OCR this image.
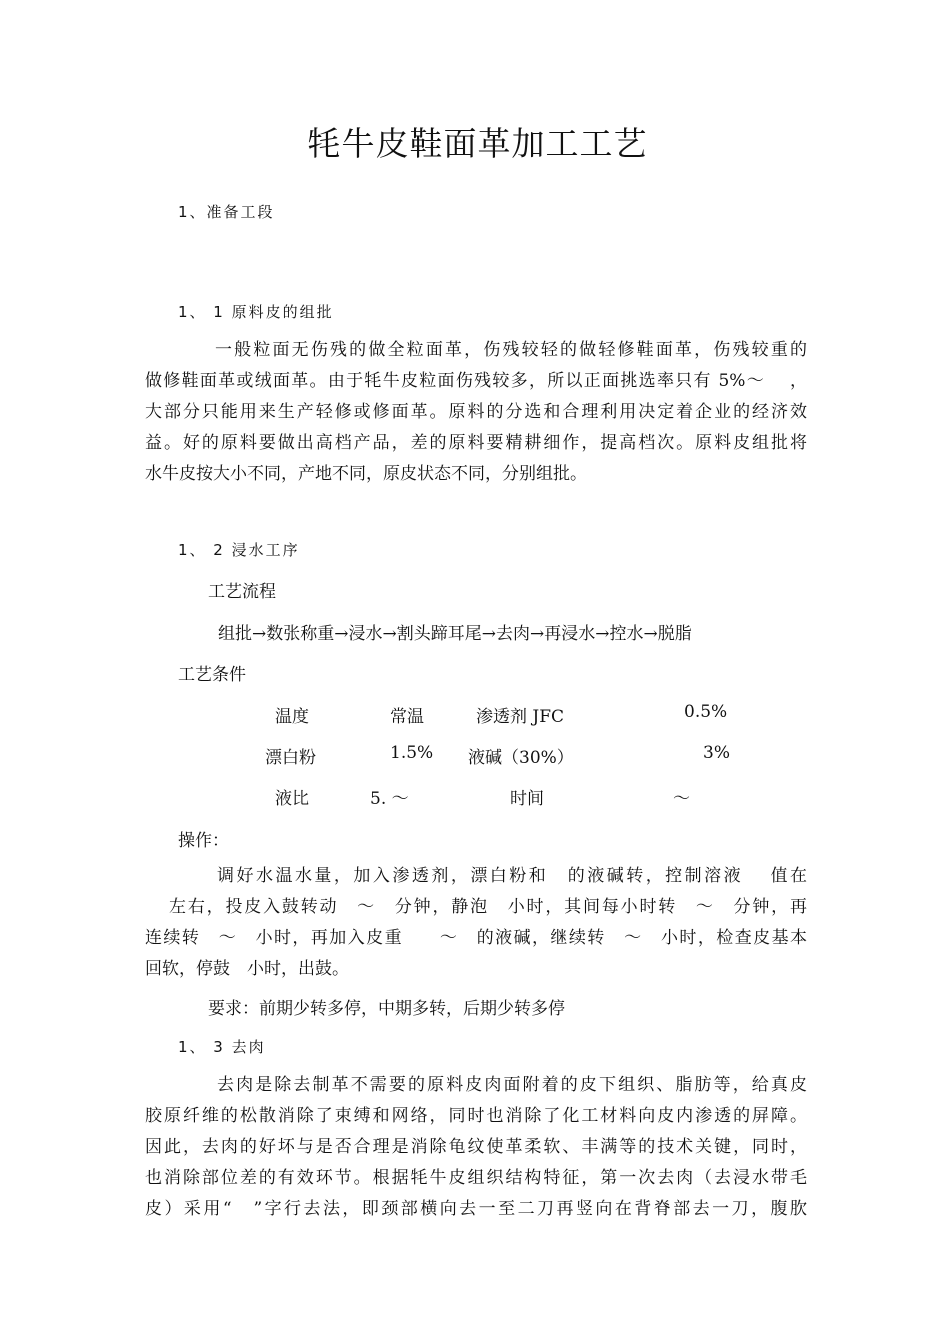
牦牛皮鞋面革加工工艺
1、准备工段
1、 1 原料皮的组批
一般粒面无伤残的做全粒面革，伤残较轻的做轻修鞋面革，伤残较重的
做修鞋面革或绒面革。由于牦牛皮粒面伤残较多，所以正面挑选率只有 5%～　 ，
大部分只能用来生产轻修或修面革。原料的分选和合理利用决定着企业的经济效
益。好的原料要做出高档产品，差的原料要精耕细作，提高档次。原料皮组批将
水牛皮按大小不同，产地不同，原皮状态不同，分别组批。
1、 2 浸水工序
工艺流程
组批→数张称重→浸水→割头蹄耳尾→去肉→再浸水→控水→脱脂
工艺条件
温度	常温	渗透剂 JFC	0.5%
漂白粉	1.5% 液碱（30%）	3%
液比	5. ～	时间	～
操作：
调好水温水量，加入渗透剂，漂白粉和　的液碱转，控制溶液　 值在
左右，投皮入鼓转动　～　分钟，静泡　小时，其间每小时转　～　分钟，再
连续转　～　小时，再加入皮重　　～　的液碱，继续转　～　小时，检查皮基本
回软，停鼓　小时，出鼓。
要求：前期少转多停，中期多转，后期少转多停
1、 3 去肉
去肉是除去制革不需要的原料皮肉面附着的皮下组织、脂肪等，给真皮
胶原纤维的松散消除了束缚和网络，同时也消除了化工材料向皮内渗透的屏障。
因此，去肉的好坏与是否合理是消除龟纹使革柔软、丰满等的技术关键，同时，
也消除部位差的有效环节。根据牦牛皮组织结构特征，第一次去肉（去浸水带毛
皮）采用“　”字行去法，即颈部横向去一至二刀再竖向在背脊部去一刀，腹肷
